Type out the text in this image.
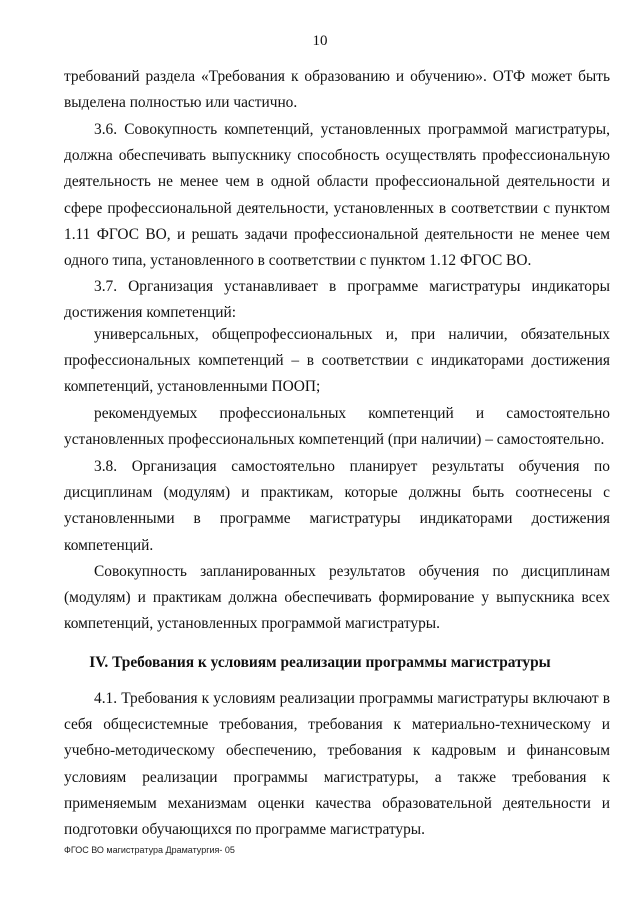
10

требований раздела «Требования к образованию и обучению». ОТФ может быть выделена полностью или частично.

3.6. Совокупность компетенций, установленных программой магистратуры, должна обеспечивать выпускнику способность осуществлять профессиональную деятельность не менее чем в одной области профессиональной деятельности и сфере профессиональной деятельности, установленных в соответствии с пунктом 1.11 ФГОС ВО, и решать задачи профессиональной деятельности не менее чем одного типа, установленного в соответствии с пунктом 1.12 ФГОС ВО.

3.7. Организация устанавливает в программе магистратуры индикаторы достижения компетенций:

универсальных, общепрофессиональных и, при наличии, обязательных профессиональных компетенций – в соответствии с индикаторами достижения компетенций, установленными ПООП;

рекомендуемых профессиональных компетенций и самостоятельно установленных профессиональных компетенций (при наличии) – самостоятельно.

3.8. Организация самостоятельно планирует результаты обучения по дисциплинам (модулям) и практикам, которые должны быть соотнесены с установленными в программе магистратуры индикаторами достижения компетенций.

Совокупность запланированных результатов обучения по дисциплинам (модулям) и практикам должна обеспечивать формирование у выпускника всех компетенций, установленных программой магистратуры.

IV. Требования к условиям реализации программы магистратуры

4.1. Требования к условиям реализации программы магистратуры включают в себя общесистемные требования, требования к материально-техническому и учебно-методическому обеспечению, требования к кадровым и финансовым условиям реализации программы магистратуры, а также требования к применяемым механизмам оценки качества образовательной деятельности и подготовки обучающихся по программе магистратуры.

ФГОС ВО магистратура Драматургия- 05
